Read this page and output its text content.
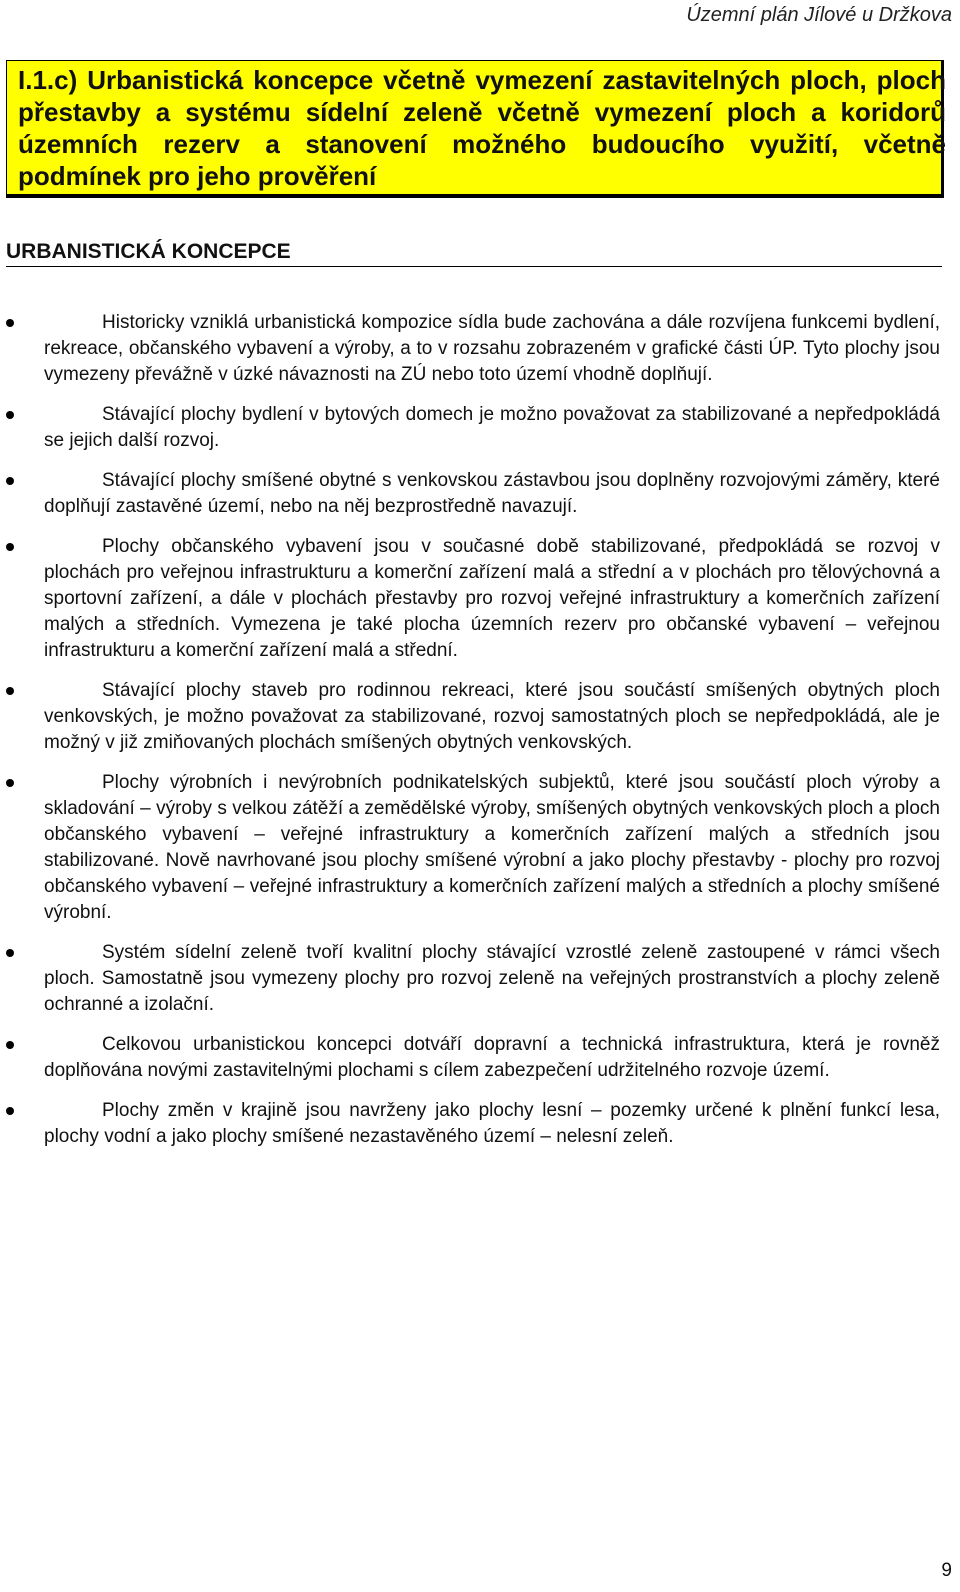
Územní plán Jílové u Držkova
I.1.c) Urbanistická koncepce včetně vymezení zastavitelných ploch, ploch přestavby a systému sídelní zeleně včetně vymezení ploch a koridorů územních rezerv a stanovení možného budoucího využití, včetně podmínek pro jeho prověření
URBANISTICKÁ KONCEPCE
Historicky vzniklá urbanistická kompozice sídla bude zachována a dále rozvíjena funkcemi bydlení, rekreace, občanského vybavení a výroby, a to v rozsahu zobrazeném v grafické části ÚP. Tyto plochy jsou vymezeny převážně v úzké návaznosti na ZÚ nebo toto území vhodně doplňují.
Stávající plochy bydlení v bytových domech je možno považovat za stabilizované a nepředpokládá se jejich další rozvoj.
Stávající plochy smíšené obytné s venkovskou zástavbou jsou doplněny rozvojovými záměry, které doplňují zastavěné území, nebo na něj bezprostředně navazují.
Plochy občanského vybavení jsou v současné době stabilizované, předpokládá se rozvoj v plochách pro veřejnou infrastrukturu a komerční zařízení malá a střední a v plochách pro tělovýchovná a sportovní zařízení, a dále v plochách přestavby pro rozvoj veřejné infrastruktury a komerčních zařízení malých a středních. Vymezena je také plocha územních rezerv pro občanské vybavení – veřejnou infrastrukturu a komerční zařízení malá a střední.
Stávající plochy staveb pro rodinnou rekreaci, které jsou součástí smíšených obytných ploch venkovských, je možno považovat za stabilizované, rozvoj samostatných ploch se nepředpokládá, ale je možný v již zmiňovaných plochách smíšených obytných venkovských.
Plochy výrobních i nevýrobních podnikatelských subjektů, které jsou součástí ploch výroby a skladování – výroby s velkou zátěží a zemědělské výroby, smíšených obytných venkovských ploch a ploch občanského vybavení – veřejné infrastruktury a komerčních zařízení malých a středních jsou stabilizované. Nově navrhované jsou plochy smíšené výrobní a jako plochy přestavby - plochy pro rozvoj občanského vybavení – veřejné infrastruktury a komerčních zařízení malých a středních a plochy smíšené výrobní.
Systém sídelní zeleně tvoří kvalitní plochy stávající vzrostlé zeleně zastoupené v rámci všech ploch. Samostatně jsou vymezeny plochy pro rozvoj zeleně na veřejných prostranstvích a plochy zeleně ochranné a izolační.
Celkovou urbanistickou koncepci dotváří dopravní a technická infrastruktura, která je rovněž doplňována novými zastavitelnými plochami s cílem zabezpečení udržitelného rozvoje území.
Plochy změn v krajině jsou navrženy jako plochy lesní – pozemky určené k plnění funkcí lesa, plochy vodní a jako plochy smíšené nezastavěného území – nelesní zeleň.
9
